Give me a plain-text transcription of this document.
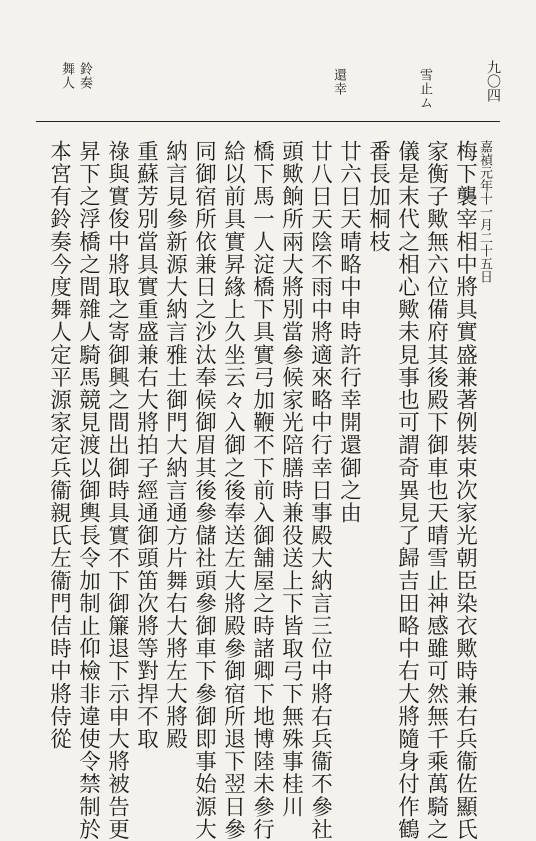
九〇四
雪止ム
還幸
鈴奏
舞人
嘉禎元年十一月二十五日
梅下襲宰相中將具實盛兼著例裝束次家光朝臣染衣歟時兼右兵衞佐顯氏
家衡子歟無六位備府其後殿下御車也天晴雪止神感雖可然無千乘萬騎之
儀是末代之相心歟未見事也可謂奇異見了歸吉田略中右大將隨身付作鶴
番長加桐枝
廿六日天晴略中申時許行幸開還御之由
廿八日天陰不雨中將適來略中行幸日事殿大納言三位中將右兵衞不參社
頭歟餉所兩大將別當參候家光陪膳時兼役送上下皆取弓下無殊事桂川
橋下馬一人淀橋下具實弓加鞭不下前入御舗屋之時諸卿下地博陸未參行
給以前具實昇緣上久坐云々入御之後奉送左大將殿參御宿所退下翌日參
同御宿所依兼日之沙汰奉候御眉其後參儲社頭參御車下參御即事始源大
納言見參新源大納言雅土御門大納言通方片舞右大將左大將殿
重蘇芳別當具實重盛兼右大將拍子經通御頭笛次將等對捍不取
祿與實俊中將取之寄御興之間出御時具實不下御簾退下示申大將被告更
昇下之浮橋之間雜人騎馬競見渡以御輿長令加制止仰檢非違使令禁制於
本宮有鈴奏今度舞人定平源家定兵衞親氏左衞門佶時中將侍從
